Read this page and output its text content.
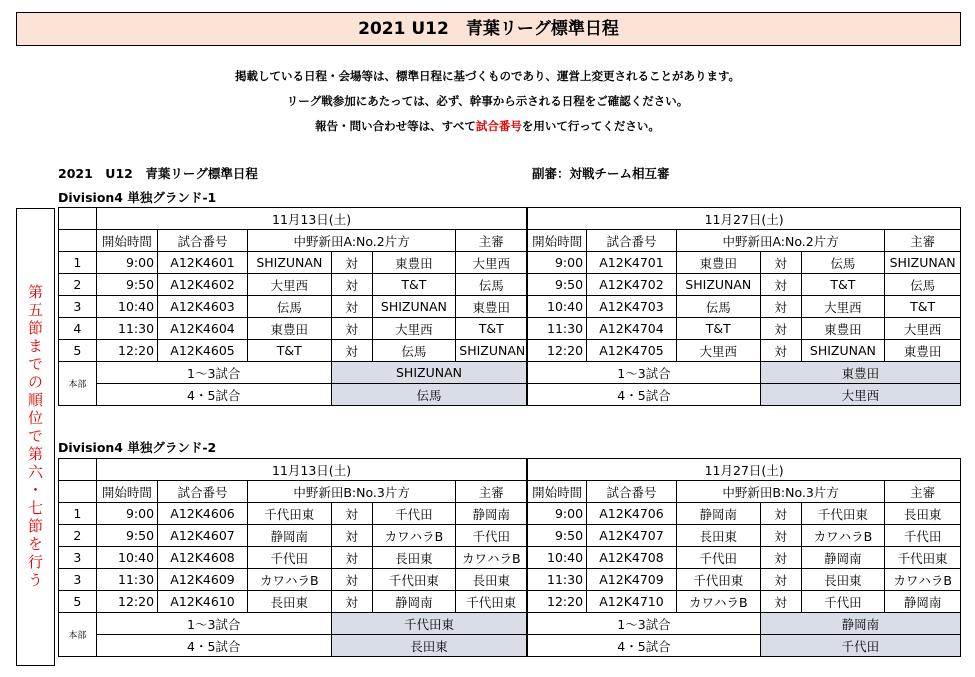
2021 U12　青葉リーグ標準日程
掲載している日程・会場等は、標準日程に基づくものであり、運営上変更されることがあります。
リーグ戦参加にあたっては、必ず、幹事から示される日程をご確認ください。
報告・問い合わせ等は、すべて試合番号を用いて行ってください。
2021　U12　青葉リーグ標準日程	副審：対戦チーム相互審
Division4 単独グランド-1
Division4 単独グランド-2
第五節までの順位で第六・七節を行う
	11月13日(土)						11月27日(土)					
	開始時間	試合番号	中野新田A:No.2片方			主審	開始時間	試合番号	中野新田A:No.2片方			主審
1	9:00	A12K4601	SHIZUNAN	対	東豊田	大里西	9:00	A12K4701	東豊田	対	伝馬	SHIZUNAN
2	9:50	A12K4602	大里西	対	T&T	伝馬	9:50	A12K4702	SHIZUNAN	対	T&T	伝馬
3	10:40	A12K4603	伝馬	対	SHIZUNAN	東豊田	10:40	A12K4703	伝馬	対	大里西	T&T
4	11:30	A12K4604	東豊田	対	大里西	T&T	11:30	A12K4704	T&T	対	東豊田	大里西
5	12:20	A12K4605	T&T	対	伝馬	SHIZUNAN	12:20	A12K4705	大里西	対	SHIZUNAN	東豊田
本部	1～3試合			SHIZUNAN			1～3試合			東豊田		
	4・5試合			伝馬			4・5試合			大里西		
	11月13日(土)						11月27日(土)					
	開始時間	試合番号	中野新田B:No.3片方			主審	開始時間	試合番号	中野新田B:No.3片方			主審
1	9:00	A12K4606	千代田東	対	千代田	静岡南	9:00	A12K4706	静岡南	対	千代田東	長田東
2	9:50	A12K4607	静岡南	対	カワハラB	千代田	9:50	A12K4707	長田東	対	カワハラB	千代田
3	10:40	A12K4608	千代田	対	長田東	カワハラB	10:40	A12K4708	千代田	対	静岡南	千代田東
3	11:30	A12K4609	カワハラB	対	千代田東	長田東	11:30	A12K4709	千代田東	対	長田東	カワハラB
5	12:20	A12K4610	長田東	対	静岡南	千代田東	12:20	A12K4710	カワハラB	対	千代田	静岡南
本部	1～3試合			千代田東			1～3試合			静岡南		
	4・5試合			長田東			4・5試合			千代田		
